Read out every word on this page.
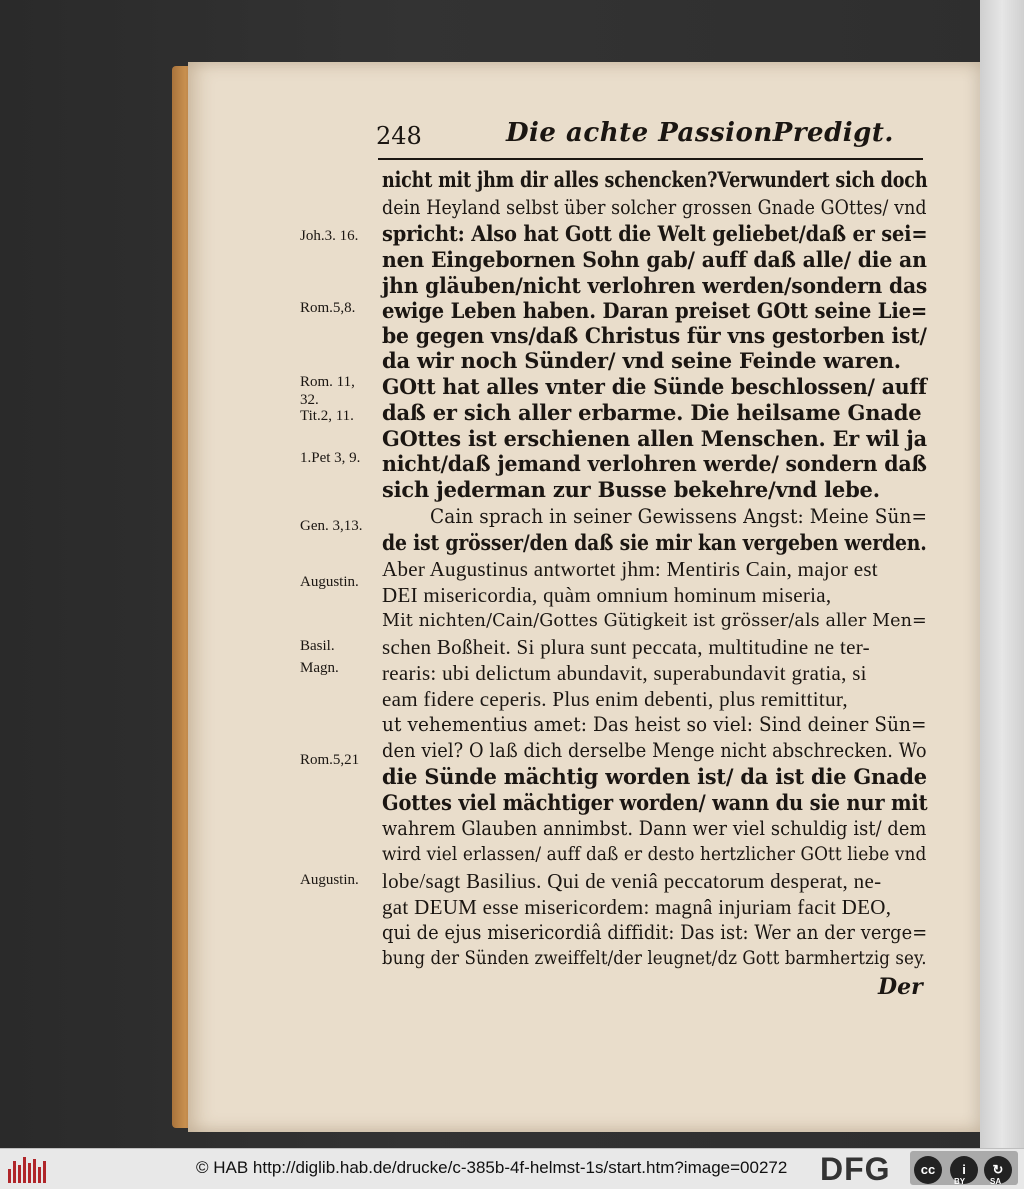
248	Die achte PassionPredigt.
nicht mit jhm dir alles schencken?Verwundert sich doch
dein Heyland selbst über solcher grossen Gnade GOttes/ vnd
spricht: Also hat Gott die Welt geliebet/daß er sei=
nen Eingebornen Sohn gab/ auff daß alle/ die an
jhn gläuben/nicht verlohren werden/sondern das
ewige Leben haben. Daran preiset GOtt seine Lie=
be gegen vns/daß Christus für vns gestorben ist/
da wir noch Sünder/ vnd seine Feinde waren.
GOtt hat alles vnter die Sünde beschlossen/ auff
daß er sich aller erbarme. Die heilsame Gnade
GOttes ist erschienen allen Menschen. Er wil ja
nicht/daß jemand verlohren werde/ sondern daß
sich jederman zur Busse bekehre/vnd lebe.
Cain sprach in seiner Gewissens Angst: Meine Sün=
de ist grösser/den daß sie mir kan vergeben werden.
Aber Augustinus antwortet jhm: Mentiris Cain, major est
DEI misericordia, quàm omnium hominum miseria,
Mit nichten/Cain/Gottes Gütigkeit ist grösser/als aller Men=
schen Boßheit. Si plura sunt peccata, multitudine ne ter-
rearis: ubi delictum abundavit, superabundavit gratia, si
eam fidere ceperis. Plus enim debenti, plus remittitur,
ut vehementius amet: Das heist so viel: Sind deiner Sün=
den viel? O laß dich derselbe Menge nicht abschrecken. Wo
die Sünde mächtig worden ist/ da ist die Gnade
Gottes viel mächtiger worden/ wann du sie nur mit
wahrem Glauben annimbst. Dann wer viel schuldig ist/ dem
wird viel erlassen/ auff daß er desto hertzlicher GOtt liebe vnd
lobe/sagt Basilius. Qui de veniâ peccatorum desperat, ne-
gat DEUM esse misericordem: magnâ injuriam facit DEO,
qui de ejus misericordiâ diffidit: Das ist: Wer an der verge=
bung der Sünden zweiffelt/der leugnet/dz Gott barmhertzig sey.
Joh.3. 16.
Rom.5,8.
Rom. 11,
32.
Tit.2, 11.
1.Pet 3, 9.
Gen. 3,13.
Augustin.
Basil.
Magn.
Rom.5,21
Augustin.
Der
© HAB http://diglib.hab.de/drucke/c-385b-4f-helmst-1s/start.htm?image=00272 DFG	cc	i	↻
BY	SA
